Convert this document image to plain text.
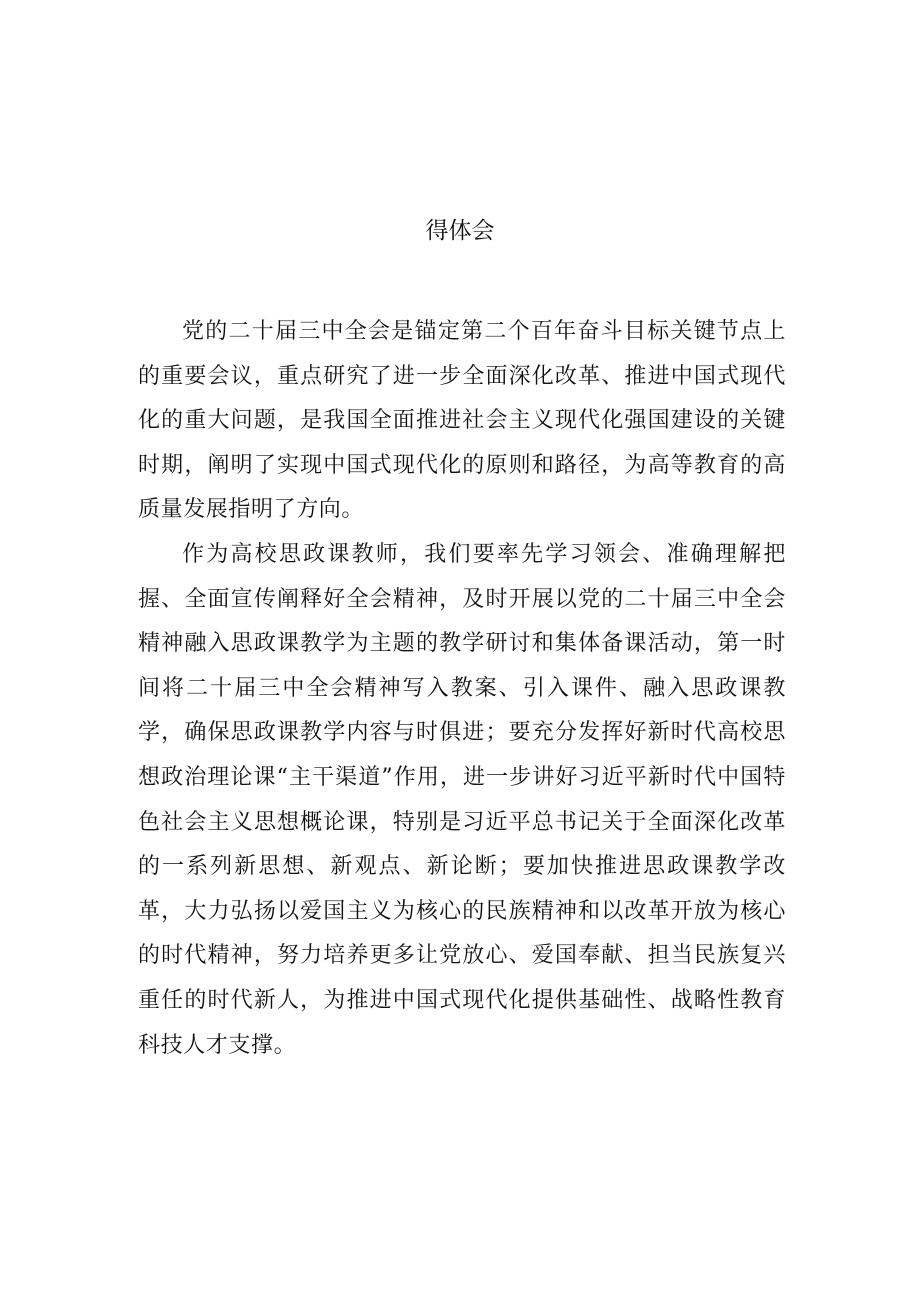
得体会

党的二十届三中全会是锚定第二个百年奋斗目标关键节点上的重要会议，重点研究了进一步全面深化改革、推进中国式现代化的重大问题，是我国全面推进社会主义现代化强国建设的关键时期，阐明了实现中国式现代化的原则和路径，为高等教育的高质量发展指明了方向。

作为高校思政课教师，我们要率先学习领会、准确理解把握、全面宣传阐释好全会精神，及时开展以党的二十届三中全会精神融入思政课教学为主题的教学研讨和集体备课活动，第一时间将二十届三中全会精神写入教案、引入课件、融入思政课教学，确保思政课教学内容与时俱进；要充分发挥好新时代高校思想政治理论课“主干渠道”作用，进一步讲好习近平新时代中国特色社会主义思想概论课，特别是习近平总书记关于全面深化改革的一系列新思想、新观点、新论断；要加快推进思政课教学改革，大力弘扬以爱国主义为核心的民族精神和以改革开放为核心的时代精神，努力培养更多让党放心、爱国奉献、担当民族复兴重任的时代新人，为推进中国式现代化提供基础性、战略性教育科技人才支撑。
